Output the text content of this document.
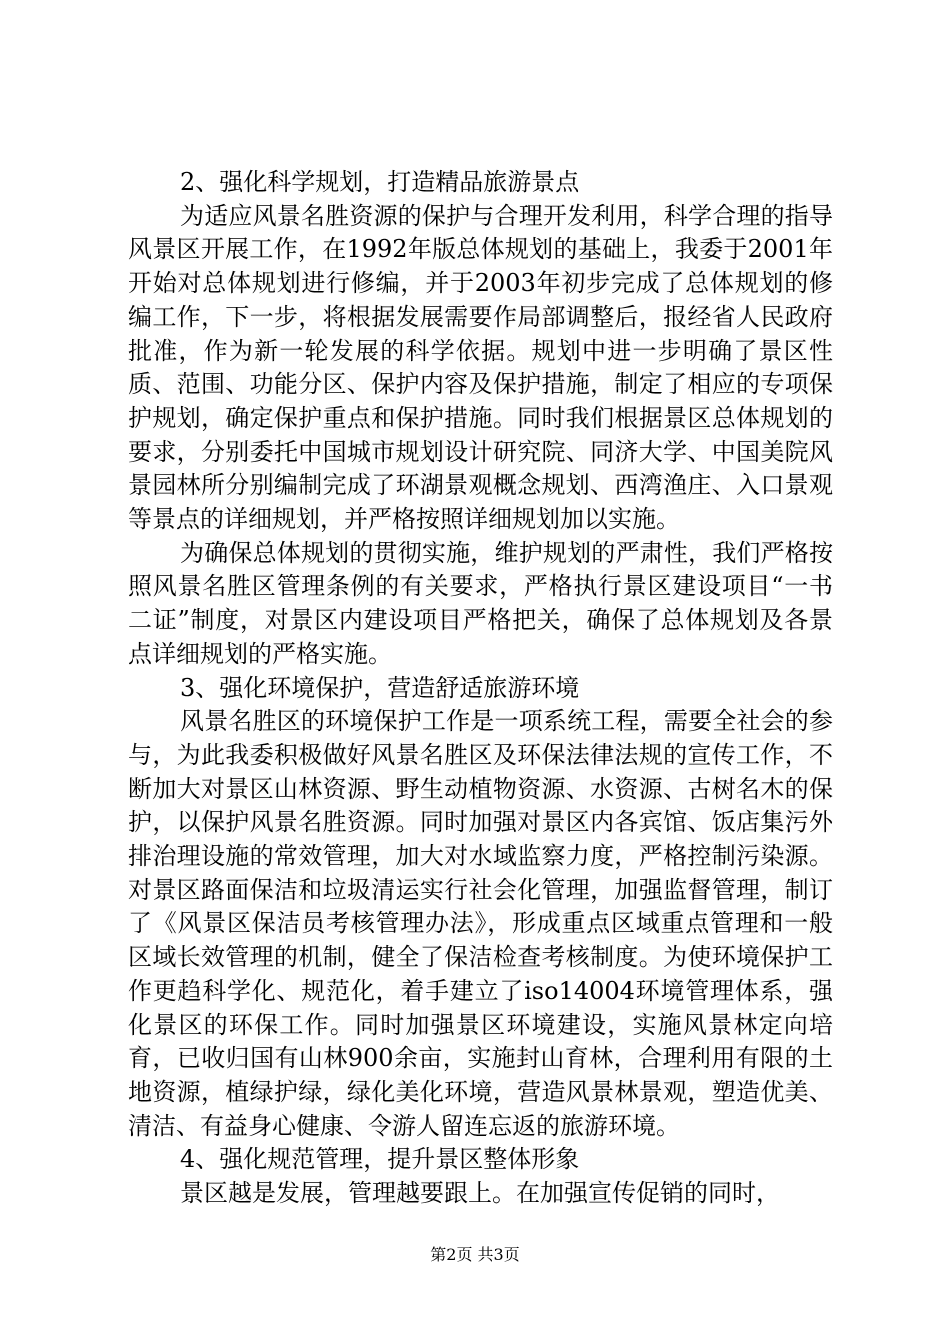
2、强化科学规划，打造精品旅游景点

为适应风景名胜资源的保护与合理开发利用，科学合理的指导风景区开展工作，在1992年版总体规划的基础上，我委于2001年开始对总体规划进行修编，并于2003年初步完成了总体规划的修编工作，下一步，将根据发展需要作局部调整后，报经省人民政府批准，作为新一轮发展的科学依据。规划中进一步明确了景区性质、范围、功能分区、保护内容及保护措施，制定了相应的专项保护规划，确定保护重点和保护措施。同时我们根据景区总体规划的要求，分别委托中国城市规划设计研究院、同济大学、中国美院风景园林所分别编制完成了环湖景观概念规划、西湾渔庄、入口景观等景点的详细规划，并严格按照详细规划加以实施。

为确保总体规划的贯彻实施，维护规划的严肃性，我们严格按照风景名胜区管理条例的有关要求，严格执行景区建设项目“一书二证”制度，对景区内建设项目严格把关，确保了总体规划及各景点详细规划的严格实施。

3、强化环境保护，营造舒适旅游环境

风景名胜区的环境保护工作是一项系统工程，需要全社会的参与，为此我委积极做好风景名胜区及环保法律法规的宣传工作，不断加大对景区山林资源、野生动植物资源、水资源、古树名木的保护，以保护风景名胜资源。同时加强对景区内各宾馆、饭店集污外排治理设施的常效管理，加大对水域监察力度，严格控制污染源。对景区路面保洁和垃圾清运实行社会化管理，加强监督管理，制订了《风景区保洁员考核管理办法》，形成重点区域重点管理和一般区域长效管理的机制，健全了保洁检查考核制度。为使环境保护工作更趋科学化、规范化，着手建立了iso14004环境管理体系，强化景区的环保工作。同时加强景区环境建设，实施风景林定向培育，已收归国有山林900余亩，实施封山育林，合理利用有限的土地资源，植绿护绿，绿化美化环境，营造风景林景观，塑造优美、清洁、有益身心健康、令游人留连忘返的旅游环境。

4、强化规范管理，提升景区整体形象

景区越是发展，管理越要跟上。在加强宣传促销的同时，

第2页 共3页
